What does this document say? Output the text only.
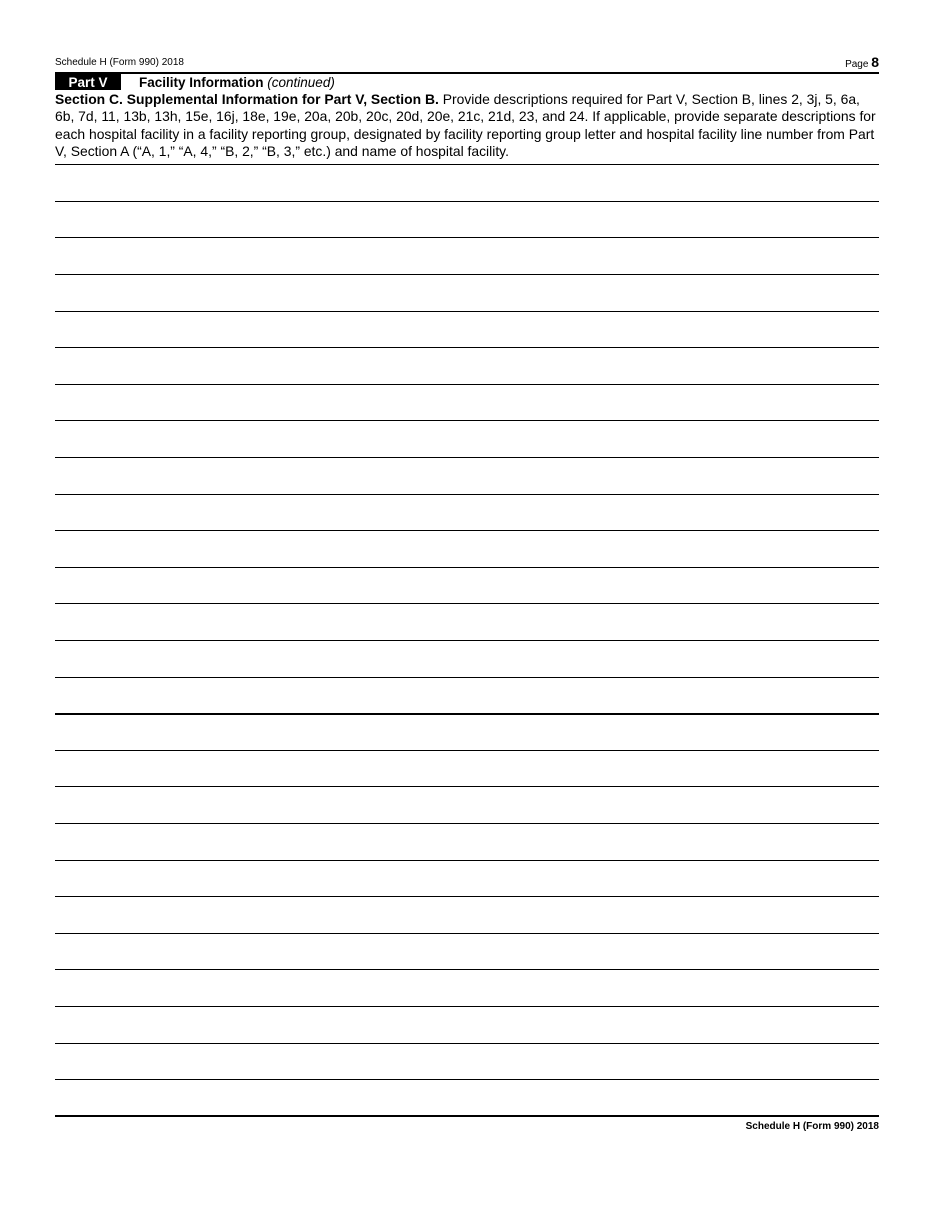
Schedule H (Form 990) 2018	Page 8
Part V	Facility Information (continued)
Section C. Supplemental Information for Part V, Section B. Provide descriptions required for Part V, Section B, lines 2, 3j, 5, 6a, 6b, 7d, 11, 13b, 13h, 15e, 16j, 18e, 19e, 20a, 20b, 20c, 20d, 20e, 21c, 21d, 23, and 24. If applicable, provide separate descriptions for each hospital facility in a facility reporting group, designated by facility reporting group letter and hospital facility line number from Part V, Section A (“A, 1,” “A, 4,” “B, 2,” “B, 3,” etc.) and name of hospital facility.
Schedule H (Form 990) 2018
